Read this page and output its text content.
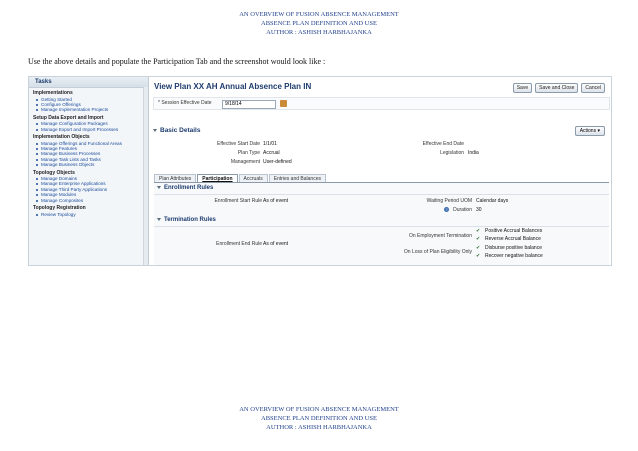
AN OVERVIEW OF FUSION ABSENCE MANAGEMENT
ABSENCE PLAN DEFINITION AND USE
AUTHOR : ASHISH HARBHAJANKA
Use the above details and populate the Participation Tab and the screenshot would look like :
Tasks
Implementations
Getting Started
Configure Offerings
Manage Implementation Projects
Setup Data Export and Import
Manage Configuration Packages
Manage Export and Import Processes
Implementation Objects
Manage Offerings and Functional Areas
Manage Features
Manage Business Processes
Manage Task Lists and Tasks
Manage Business Objects
Topology Objects
Manage Domains
Manage Enterprise Applications
Manage Third Party Applications
Manage Modules
Manage Composites
Topology Registration
Review Topology
View Plan XX AH Annual Absence Plan IN	Save	Save and Close	Cancel
* Session Effective Date	9/18/14
Basic Details	Actions ▾
Effective Start Date 1/1/01
Plan Type Accrual
Management User-defined
Effective End Date
Legislation India
Plan Attributes	Participation	Accruals	Entries and Balances
Enrollment Rules
Enrollment Start Rule As of event	Waiting Period UOM Calendar days
? Duration 30
Termination Rules
Enrollment End Rule As of event
On Employment Termination
✔ Positive Accrual Balances
✔ Reverse Accrual Balance
On Loss of Plan Eligibility Only
✔ Disburse positive balance
✔ Recover negative balance
AN OVERVIEW OF FUSION ABSENCE MANAGEMENT
ABSENCE PLAN DEFINITION AND USE
AUTHOR : ASHISH HARBHAJANKA
